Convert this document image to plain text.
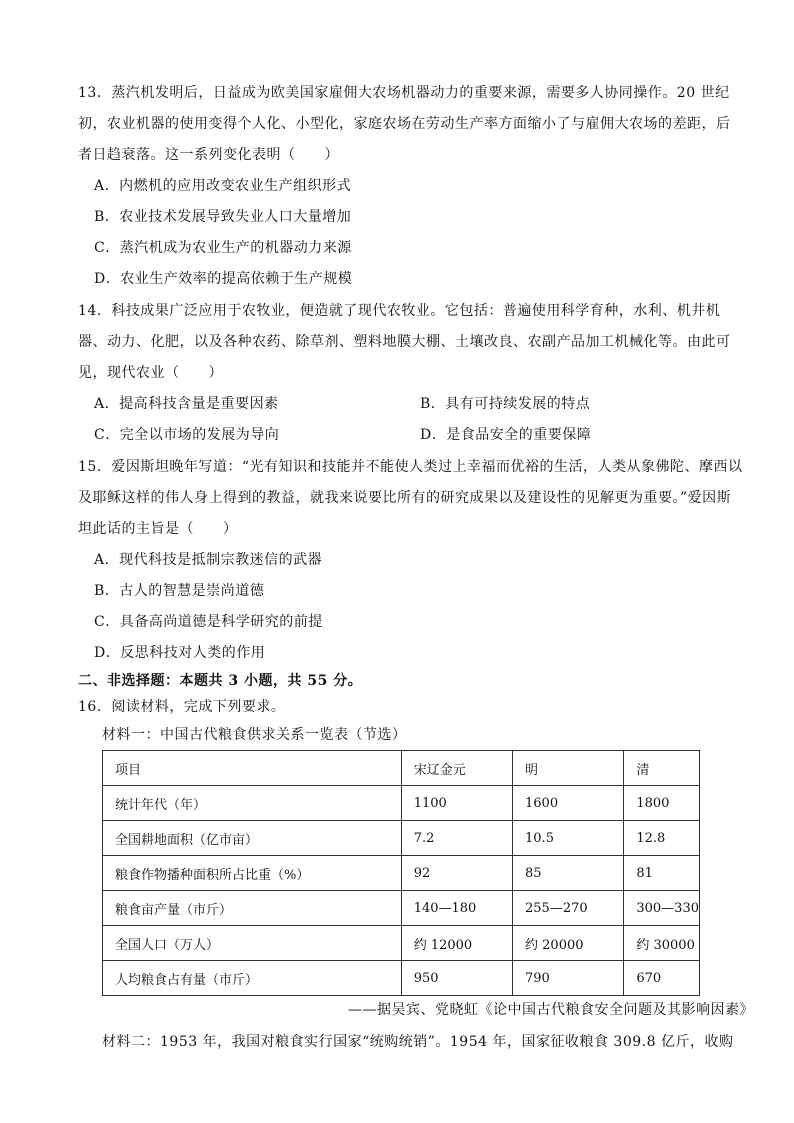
13．蒸汽机发明后，日益成为欧美国家雇佣大农场机器动力的重要来源，需要多人协同操作。20 世纪
初，农业机器的使用变得个人化、小型化，家庭农场在劳动生产率方面缩小了与雇佣大农场的差距，后
者日趋衰落。这一系列变化表明（　　）
A．内燃机的应用改变农业生产组织形式
B．农业技术发展导致失业人口大量增加
C．蒸汽机成为农业生产的机器动力来源
D．农业生产效率的提高依赖于生产规模
14．科技成果广泛应用于农牧业，便造就了现代农牧业。它包括：普遍使用科学育种，水利、机井机
器、动力、化肥，以及各种农药、除草剂、塑料地膜大棚、土壤改良、农副产品加工机械化等。由此可
见，现代农业（　　）
A．提高科技含量是重要因素	B．具有可持续发展的特点
C．完全以市场的发展为导向	D．是食品安全的重要保障
15．爱因斯坦晚年写道：“光有知识和技能并不能使人类过上幸福而优裕的生活，人类从象佛陀、摩西以
及耶稣这样的伟人身上得到的教益，就我来说要比所有的研究成果以及建设性的见解更为重要。”爱因斯
坦此话的主旨是（　　）
A．现代科技是抵制宗教迷信的武器
B．古人的智慧是崇尚道德
C．具备高尚道德是科学研究的前提
D．反思科技对人类的作用
二、非选择题：本题共 3 小题，共 55 分。
16．阅读材料，完成下列要求。
材料一：中国古代粮食供求关系一览表（节选）
项目	宋辽金元	明	清
统计年代（年）	1100	1600	1800
全国耕地面积（亿市亩）	7.2	10.5	12.8
粮食作物播种面积所占比重（%）	92	85	81
粮食亩产量（市斤）	140—180	255—270	300—330
全国人口（万人）	约 12000	约 20000	约 30000
人均粮食占有量（市斤）	950	790	670
——据吴宾、党晓虹《论中国古代粮食安全问题及其影响因素》
材料二：1953 年，我国对粮食实行国家“统购统销”。1954 年，国家征收粮食 309.8 亿斤，收购
